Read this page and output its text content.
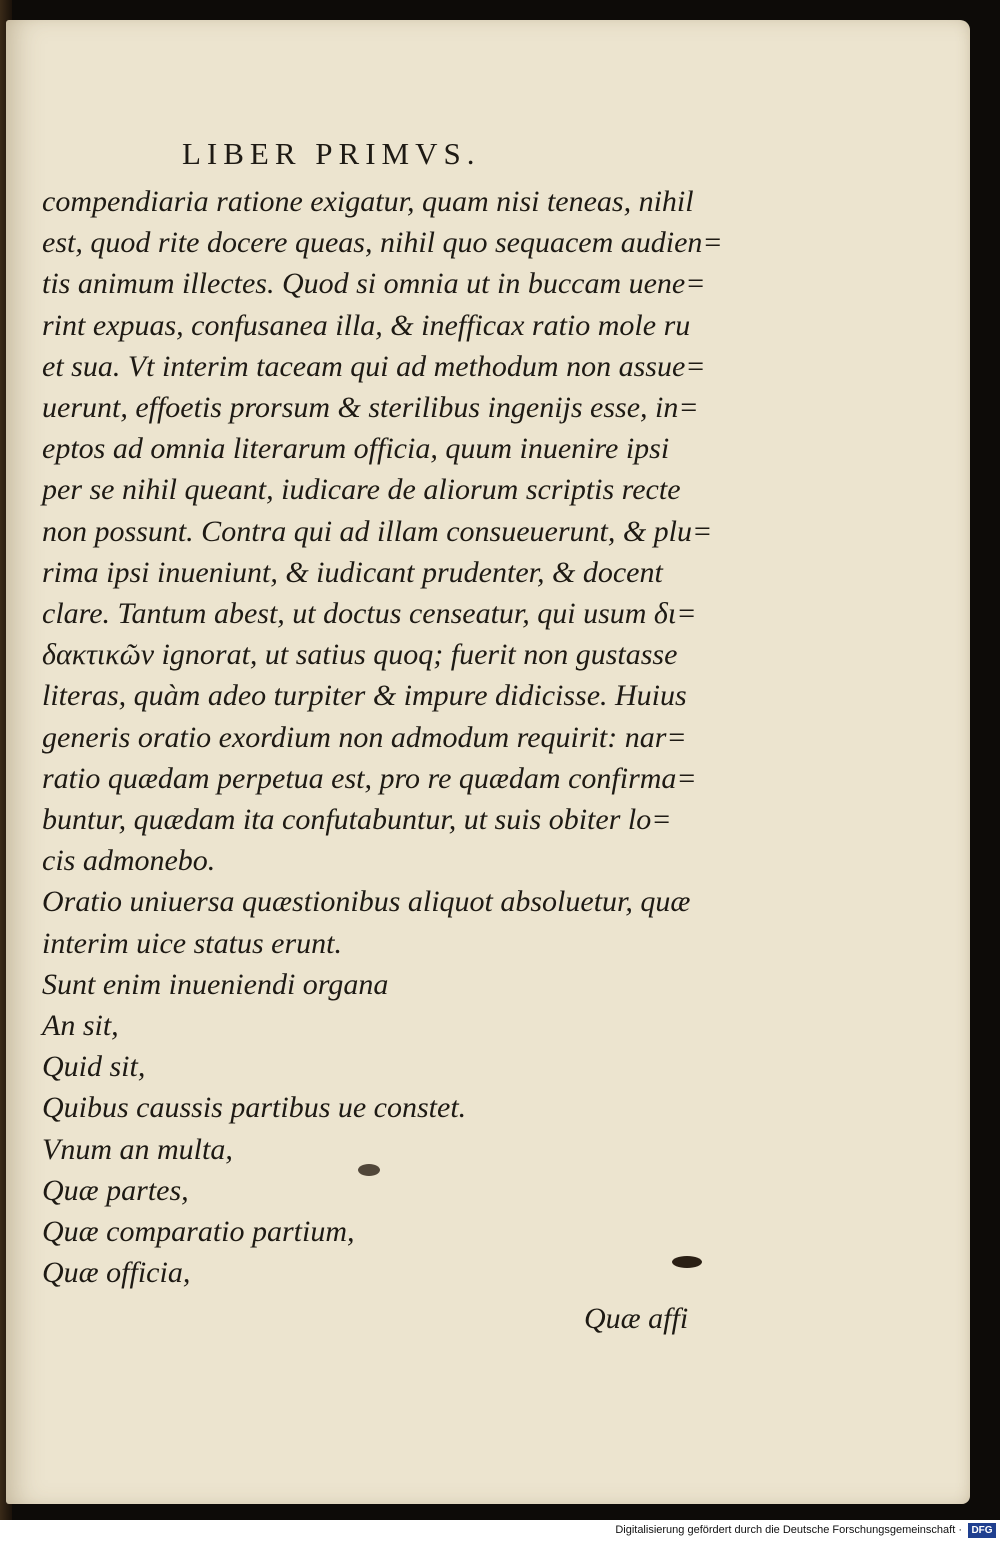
LIBER PRIMVS.
compendiaria ratione exigatur, quam nisi teneas, nihil
est, quod rite docere queas, nihil quo sequacem audien=
tis animum illectes. Quod si omnia ut in buccam uene=
rint expuas, confusanea illa, & inefficax ratio mole ru
et sua. Vt interim taceam qui ad methodum non assue=
uerunt, effoetis prorsum & sterilibus ingenijs esse, in=
eptos ad omnia literarum officia, quum inuenire ipsi
per se nihil queant, iudicare de aliorum scriptis recte
non possunt. Contra qui ad illam consueuerunt, & plu=
rima ipsi inueniunt, & iudicant prudenter, & docent
clare. Tantum abest, ut doctus censeatur, qui usum δι=
δακτικῶν ignorat, ut satius quoq; fuerit non gustasse
literas, quàm adeo turpiter & impure didicisse. Huius
generis oratio exordium non admodum requirit: nar=
ratio quædam perpetua est, pro re quædam confirma=
buntur, quædam ita confutabuntur, ut suis obiter lo=
cis admonebo.
Oratio uniuersa quæstionibus aliquot absoluetur, quæ
interim uice status erunt.
Sunt enim inueniendi organa
An sit,
Quid sit,
Quibus caussis partibus ue constet.
Vnum an multa,
Quæ partes,
Quæ comparatio partium,
Quæ officia,
Quæ affi
Digitalisierung gefördert durch die Deutsche Forschungsgemeinschaft · DFG
